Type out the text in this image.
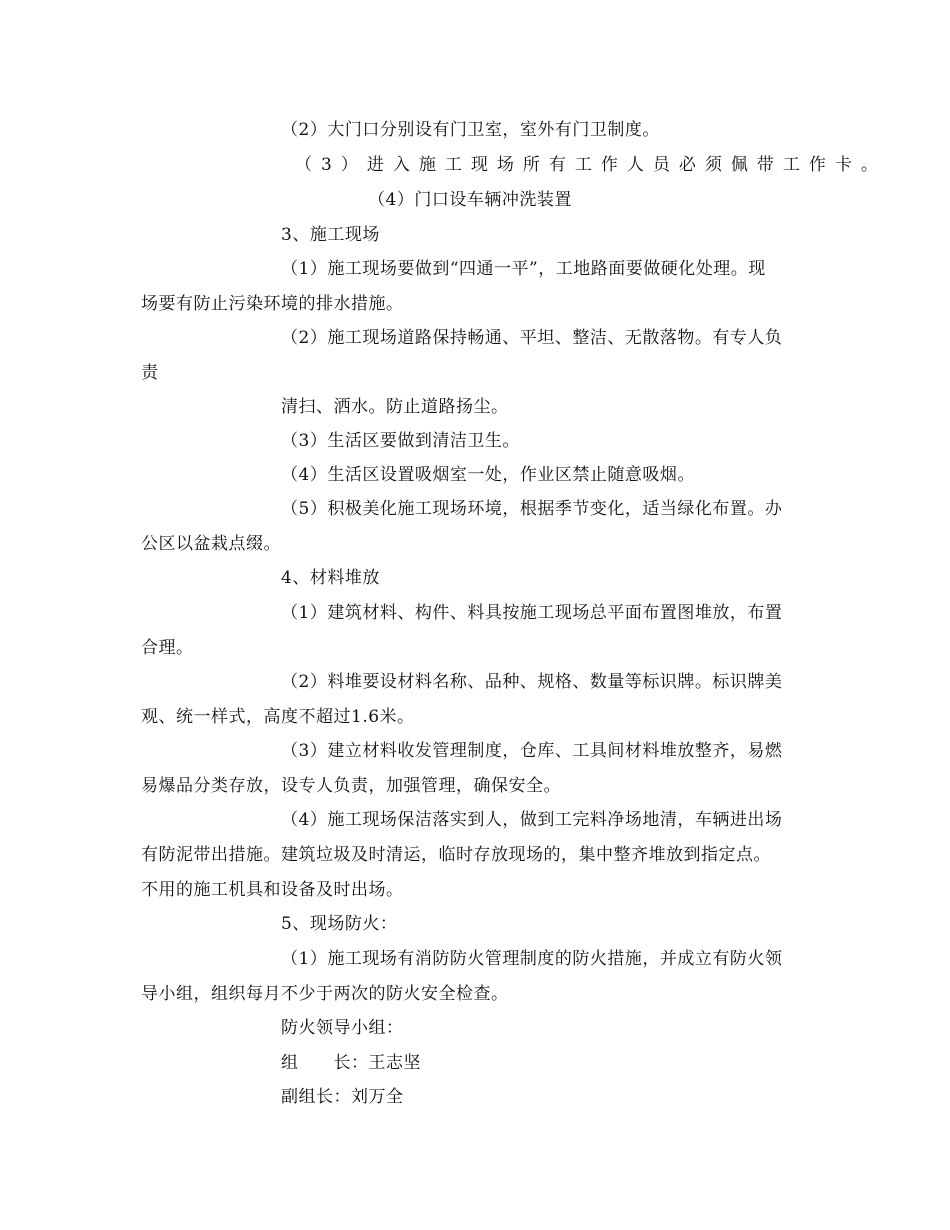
（2）大门口分别设有门卫室，室外有门卫制度。
（3）进入施工现场所有工作人员必须佩带工作卡。
（4）门口设车辆冲洗装置
3、施工现场
（1）施工现场要做到“四通一平”，工地路面要做硬化处理。现
场要有防止污染环境的排水措施。
（2）施工现场道路保持畅通、平坦、整洁、无散落物。有专人负
责
清扫、洒水。防止道路扬尘。
（3）生活区要做到清洁卫生。
（4）生活区设置吸烟室一处，作业区禁止随意吸烟。
（5）积极美化施工现场环境，根据季节变化，适当绿化布置。办
公区以盆栽点缀。
4、材料堆放
（1）建筑材料、构件、料具按施工现场总平面布置图堆放，布置
合理。
（2）料堆要设材料名称、品种、规格、数量等标识牌。标识牌美
观、统一样式，高度不超过1.6米。
（3）建立材料收发管理制度，仓库、工具间材料堆放整齐，易燃
易爆品分类存放，设专人负责，加强管理，确保安全。
（4）施工现场保洁落实到人，做到工完料净场地清，车辆进出场
有防泥带出措施。建筑垃圾及时清运，临时存放现场的，集中整齐堆放到指定点。
不用的施工机具和设备及时出场。
5、现场防火：
（1）施工现场有消防防火管理制度的防火措施，并成立有防火领
导小组，组织每月不少于两次的防火安全检查。
防火领导小组：
组　　长：王志坚
副组长：刘万全
